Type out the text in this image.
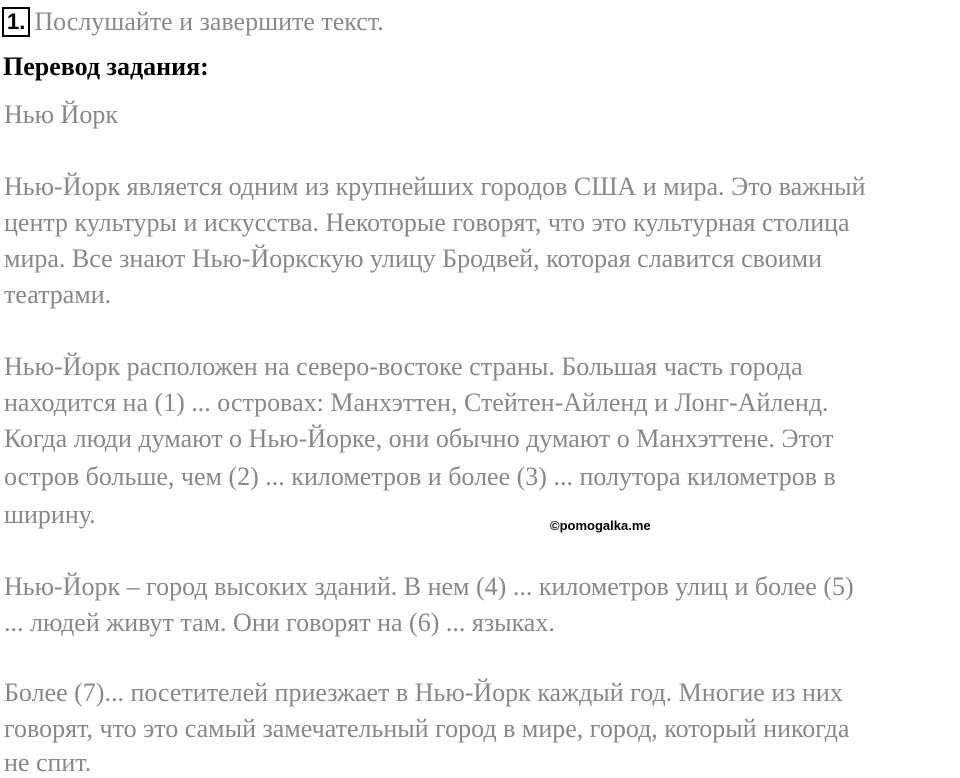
1. Послушайте и завершите текст.
Перевод задания:
Нью Йорк
Нью-Йорк является одним из крупнейших городов США и мира. Это важный
центр культуры и искусства. Некоторые говорят, что это культурная столица
мира. Все знают Нью-Йоркскую улицу Бродвей, которая славится своими
театрами.
Нью-Йорк расположен на северо-востоке страны. Большая часть города
находится на (1) ... островах: Манхэттен, Стейтен-Айленд и Лонг-Айленд.
Когда люди думают о Нью-Йорке, они обычно думают о Манхэттене. Этот
остров больше, чем (2) ... километров и более (3) ... полутора километров в
ширину.	©pomogalka.me
Нью-Йорк – город высоких зданий. В нем (4) ... километров улиц и более (5)
... людей живут там. Они говорят на (6) ... языках.
Более (7)... посетителей приезжает в Нью-Йорк каждый год. Многие из них
говорят, что это самый замечательный город в мире, город, который никогда
не спит.
